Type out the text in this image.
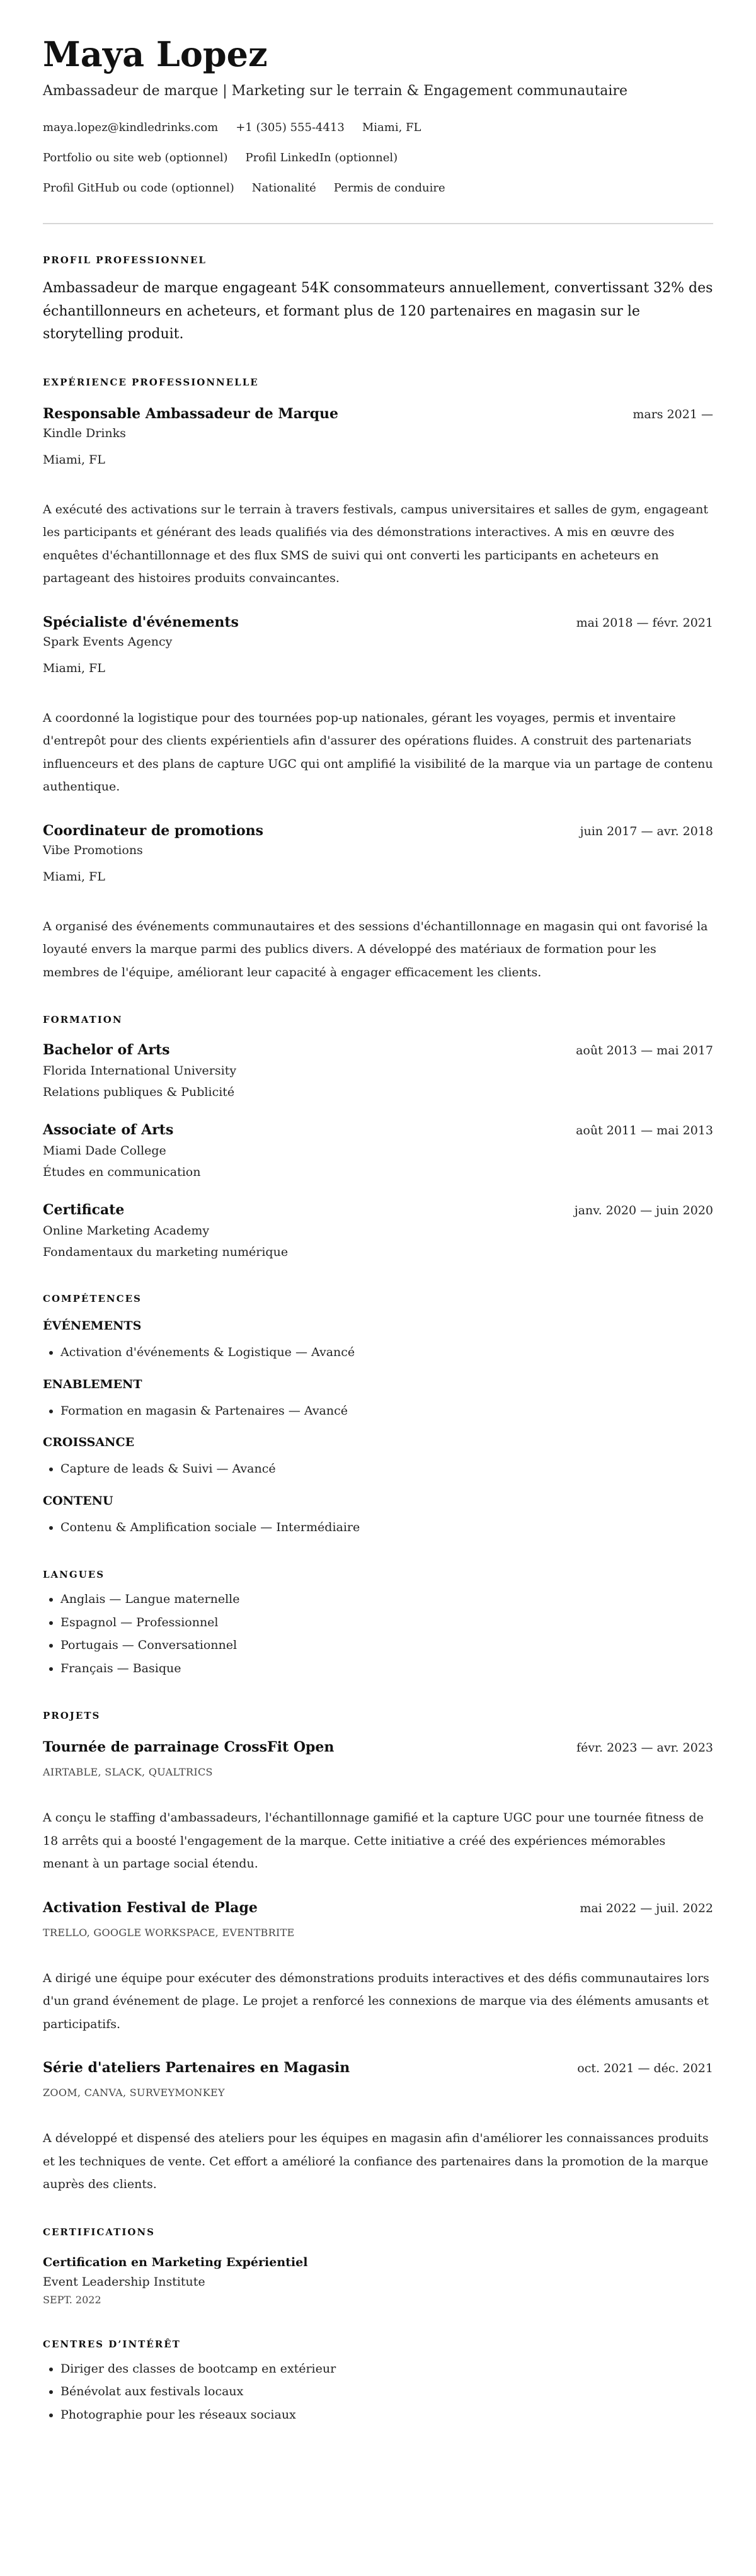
Maya Lopez
Ambassadeur de marque | Marketing sur le terrain & Engagement communautaire
maya.lopez@kindledrinks.com +1 (305) 555-4413 Miami, FL
Portfolio ou site web (optionnel) Profil LinkedIn (optionnel)
Profil GitHub ou code (optionnel) Nationalité Permis de conduire
PROFIL PROFESSIONNEL

Ambassadeur de marque engageant 54K consommateurs annuellement, convertissant 32% des échantillonneurs en acheteurs, et formant plus de 120 partenaires en magasin sur le storytelling produit.

EXPÉRIENCE PROFESSIONNELLE
Responsable Ambassadeur de Marque	mars 2021 —
Kindle Drinks
Miami, FL
A exécuté des activations sur le terrain à travers festivals, campus universitaires et salles de gym, engageant les participants et générant des leads qualifiés via des démonstrations interactives. A mis en œuvre des enquêtes d'échantillonnage et des flux SMS de suivi qui ont converti les participants en acheteurs en partageant des histoires produits convaincantes.
Spécialiste d'événements	mai 2018 — févr. 2021
Spark Events Agency
Miami, FL
A coordonné la logistique pour des tournées pop-up nationales, gérant les voyages, permis et inventaire d'entrepôt pour des clients expérientiels afin d'assurer des opérations fluides. A construit des partenariats influenceurs et des plans de capture UGC qui ont amplifié la visibilité de la marque via un partage de contenu authentique.
Coordinateur de promotions	juin 2017 — avr. 2018
Vibe Promotions
Miami, FL
A organisé des événements communautaires et des sessions d'échantillonnage en magasin qui ont favorisé la loyauté envers la marque parmi des publics divers. A développé des matériaux de formation pour les membres de l'équipe, améliorant leur capacité à engager efficacement les clients.
FORMATION
Bachelor of Arts	août 2013 — mai 2017
Florida International University
Relations publiques & Publicité
Associate of Arts	août 2011 — mai 2013
Miami Dade College
Études en communication
Certificate	janv. 2020 — juin 2020
Online Marketing Academy
Fondamentaux du marketing numérique
COMPÉTENCES
ÉVÉNEMENTS
• Activation d'événements & Logistique — Avancé
ENABLEMENT
• Formation en magasin & Partenaires — Avancé
CROISSANCE
• Capture de leads & Suivi — Avancé
CONTENU
• Contenu & Amplification sociale — Intermédiaire
LANGUES
• Anglais — Langue maternelle
• Espagnol — Professionnel
• Portugais — Conversationnel
• Français — Basique
PROJETS
Tournée de parrainage CrossFit Open	févr. 2023 — avr. 2023
AIRTABLE, SLACK, QUALTRICS
A conçu le staffing d'ambassadeurs, l'échantillonnage gamifié et la capture UGC pour une tournée fitness de 18 arrêts qui a boosté l'engagement de la marque. Cette initiative a créé des expériences mémorables menant à un partage social étendu.
Activation Festival de Plage	mai 2022 — juil. 2022
TRELLO, GOOGLE WORKSPACE, EVENTBRITE
A dirigé une équipe pour exécuter des démonstrations produits interactives et des défis communautaires lors d'un grand événement de plage. Le projet a renforcé les connexions de marque via des éléments amusants et participatifs.
Série d'ateliers Partenaires en Magasin	oct. 2021 — déc. 2021
ZOOM, CANVA, SURVEYMONKEY
A développé et dispensé des ateliers pour les équipes en magasin afin d'améliorer les connaissances produits et les techniques de vente. Cet effort a amélioré la confiance des partenaires dans la promotion de la marque auprès des clients.
CERTIFICATIONS
Certification en Marketing Expérientiel
Event Leadership Institute
SEPT. 2022
CENTRES D’INTÉRÊT
• Diriger des classes de bootcamp en extérieur
• Bénévolat aux festivals locaux
• Photographie pour les réseaux sociaux
